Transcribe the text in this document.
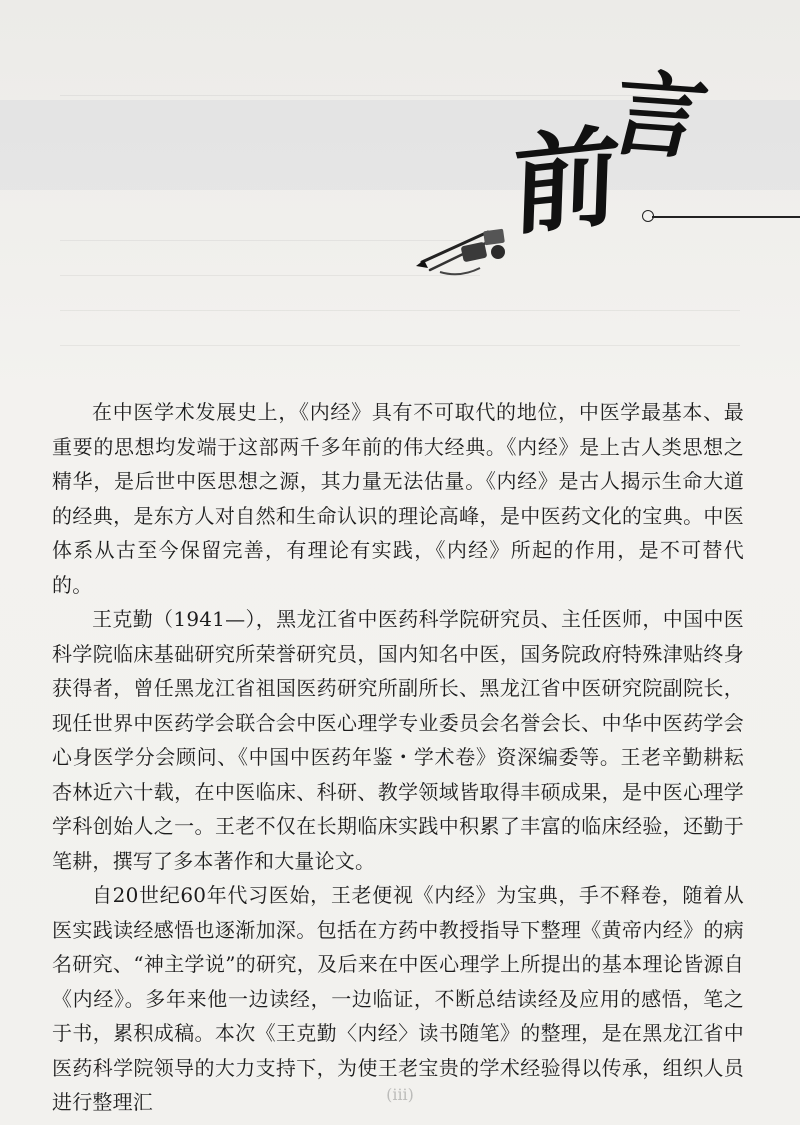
前
言

在中医学术发展史上，《内经》具有不可取代的地位，中医学最基本、最重要的思想均发端于这部两千多年前的伟大经典。《内经》是上古人类思想之精华，是后世中医思想之源，其力量无法估量。《内经》是古人揭示生命大道的经典，是东方人对自然和生命认识的理论高峰，是中医药文化的宝典。中医体系从古至今保留完善，有理论有实践，《内经》所起的作用，是不可替代的。

王克勤（1941—），黑龙江省中医药科学院研究员、主任医师，中国中医科学院临床基础研究所荣誉研究员，国内知名中医，国务院政府特殊津贴终身获得者，曾任黑龙江省祖国医药研究所副所长、黑龙江省中医研究院副院长，现任世界中医药学会联合会中医心理学专业委员会名誉会长、中华中医药学会心身医学分会顾问、《中国中医药年鉴・学术卷》资深编委等。王老辛勤耕耘杏林近六十载，在中医临床、科研、教学领域皆取得丰硕成果，是中医心理学学科创始人之一。王老不仅在长期临床实践中积累了丰富的临床经验，还勤于笔耕，撰写了多本著作和大量论文。

自20世纪60年代习医始，王老便视《内经》为宝典，手不释卷，随着从医实践读经感悟也逐渐加深。包括在方药中教授指导下整理《黄帝内经》的病名研究、“神主学说”的研究，及后来在中医心理学上所提出的基本理论皆源自《内经》。多年来他一边读经，一边临证，不断总结读经及应用的感悟，笔之于书，累积成稿。本次《王克勤〈内经〉读书随笔》的整理，是在黑龙江省中医药科学院领导的大力支持下，为使王老宝贵的学术经验得以传承，组织人员进行整理汇	(iii)
